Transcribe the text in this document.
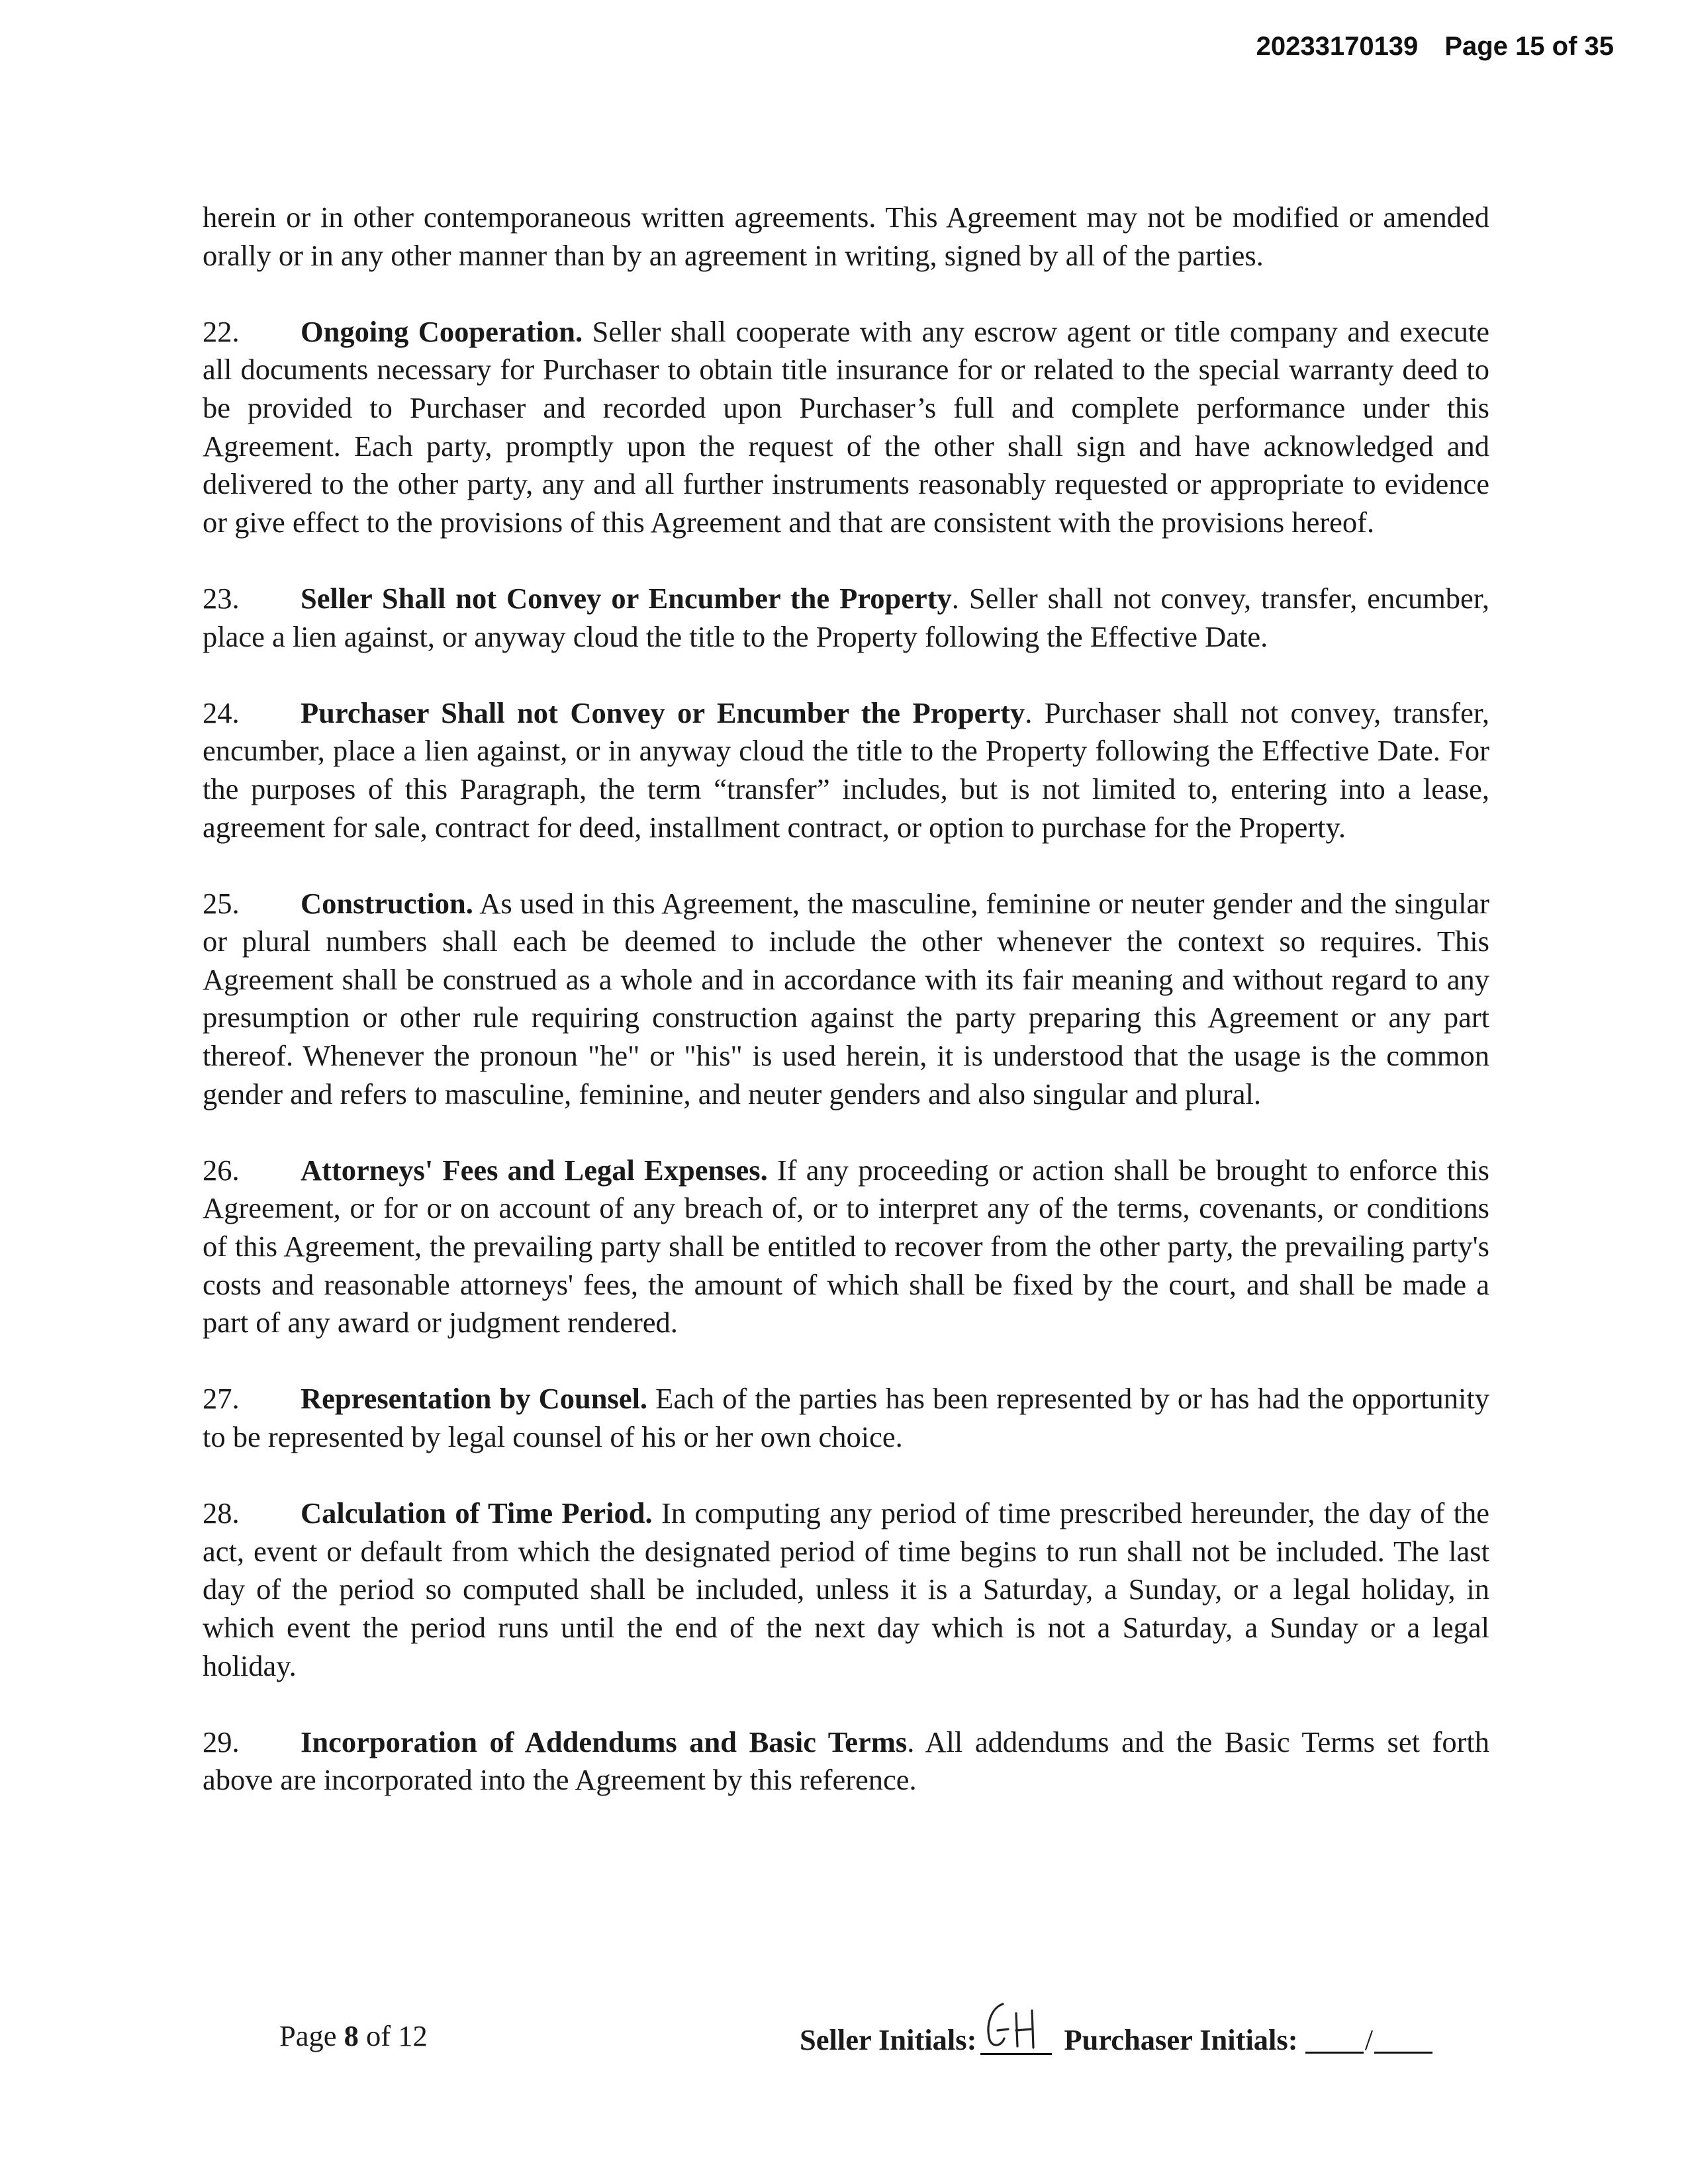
20233170139 Page 15 of 35

herein or in other contemporaneous written agreements. This Agreement may not be modified or amended orally or in any other manner than by an agreement in writing, signed by all of the parties.

22. Ongoing Cooperation. Seller shall cooperate with any escrow agent or title company and execute all documents necessary for Purchaser to obtain title insurance for or related to the special warranty deed to be provided to Purchaser and recorded upon Purchaser’s full and complete performance under this Agreement. Each party, promptly upon the request of the other shall sign and have acknowledged and delivered to the other party, any and all further instruments reasonably requested or appropriate to evidence or give effect to the provisions of this Agreement and that are consistent with the provisions hereof.

23. Seller Shall not Convey or Encumber the Property. Seller shall not convey, transfer, encumber, place a lien against, or anyway cloud the title to the Property following the Effective Date.

24. Purchaser Shall not Convey or Encumber the Property. Purchaser shall not convey, transfer, encumber, place a lien against, or in anyway cloud the title to the Property following the Effective Date. For the purposes of this Paragraph, the term “transfer” includes, but is not limited to, entering into a lease, agreement for sale, contract for deed, installment contract, or option to purchase for the Property.

25. Construction. As used in this Agreement, the masculine, feminine or neuter gender and the singular or plural numbers shall each be deemed to include the other whenever the context so requires. This Agreement shall be construed as a whole and in accordance with its fair meaning and without regard to any presumption or other rule requiring construction against the party preparing this Agreement or any part thereof. Whenever the pronoun "he" or "his" is used herein, it is understood that the usage is the common gender and refers to masculine, feminine, and neuter genders and also singular and plural.

26. Attorneys' Fees and Legal Expenses. If any proceeding or action shall be brought to enforce this Agreement, or for or on account of any breach of, or to interpret any of the terms, covenants, or conditions of this Agreement, the prevailing party shall be entitled to recover from the other party, the prevailing party's costs and reasonable attorneys' fees, the amount of which shall be fixed by the court, and shall be made a part of any award or judgment rendered.

27. Representation by Counsel. Each of the parties has been represented by or has had the opportunity to be represented by legal counsel of his or her own choice.

28. Calculation of Time Period. In computing any period of time prescribed hereunder, the day of the act, event or default from which the designated period of time begins to run shall not be included. The last day of the period so computed shall be included, unless it is a Saturday, a Sunday, or a legal holiday, in which event the period runs until the end of the next day which is not a Saturday, a Sunday or a legal holiday.

29. Incorporation of Addendums and Basic Terms. All addendums and the Basic Terms set forth above are incorporated into the Agreement by this reference.

Page 8 of 12	Seller Initials:	Purchaser Initials: /
